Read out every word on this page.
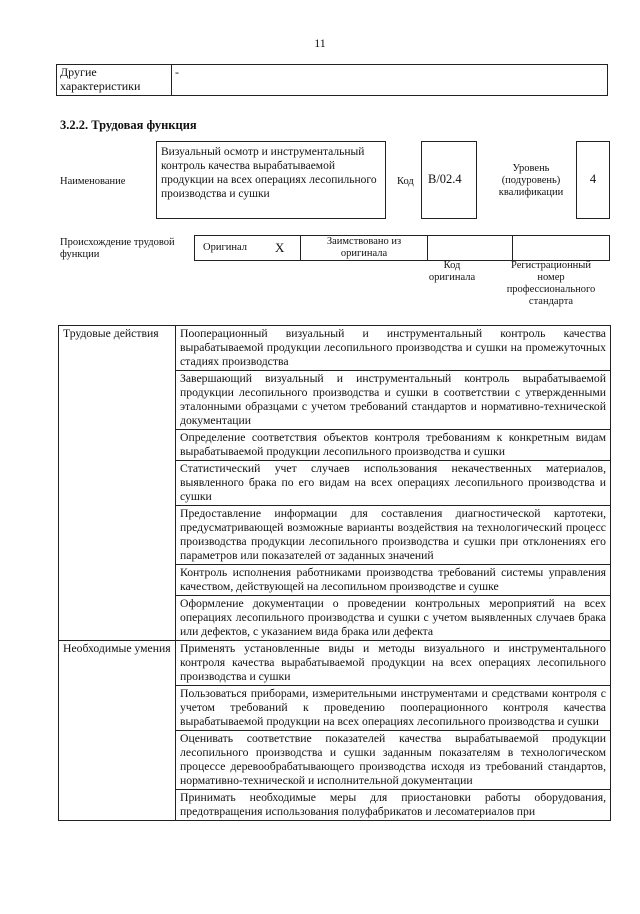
11
Другие характеристики	-
3.2.2. Трудовая функция
Наименование
Визуальный осмотр и инструментальный контроль качества вырабатываемой продукции на всех операциях лесопильного производства и сушки
Код	B/02.4
Уровень (подуровень) квалификации
4
Происхождение трудовой функции
Оригинал	X	Заимствовано из оригинала		
Код оригинала
Регистрационный номер профессионального стандарта
Трудовые действия	Пооперационный визуальный и инструментальный контроль качества вырабатываемой продукции лесопильного производства и сушки на промежуточных стадиях производства
	Завершающий визуальный и инструментальный контроль вырабатываемой продукции лесопильного производства и сушки в соответствии с утвержденными эталонными образцами с учетом требований стандартов и нормативно-технической документации
	Определение соответствия объектов контроля требованиям к конкретным видам вырабатываемой продукции лесопильного производства и сушки
	Статистический учет случаев использования некачественных материалов, выявленного брака по его видам на всех операциях лесопильного производства и сушки
	Предоставление информации для составления диагностической картотеки, предусматривающей возможные варианты воздействия на технологический процесс производства продукции лесопильного производства и сушки при отклонениях его параметров или показателей от заданных значений
	Контроль исполнения работниками производства требований системы управления качеством, действующей на лесопильном производстве и сушке
	Оформление документации о проведении контрольных мероприятий на всех операциях лесопильного производства и сушки с учетом выявленных случаев брака или дефектов, с указанием вида брака или дефекта
Необходимые умения	Применять установленные виды и методы визуального и инструментального контроля качества вырабатываемой продукции на всех операциях лесопильного производства и сушки
	Пользоваться приборами, измерительными инструментами и средствами контроля с учетом требований к проведению пооперационного контроля качества вырабатываемой продукции на всех операциях лесопильного производства и сушки
	Оценивать соответствие показателей качества вырабатываемой продукции лесопильного производства и сушки заданным показателям в технологическом процессе деревообрабатывающего производства исходя из требований стандартов, нормативно-технической и исполнительной документации
	Принимать необходимые меры для приостановки работы оборудования, предотвращения использования полуфабрикатов и лесоматериалов при
